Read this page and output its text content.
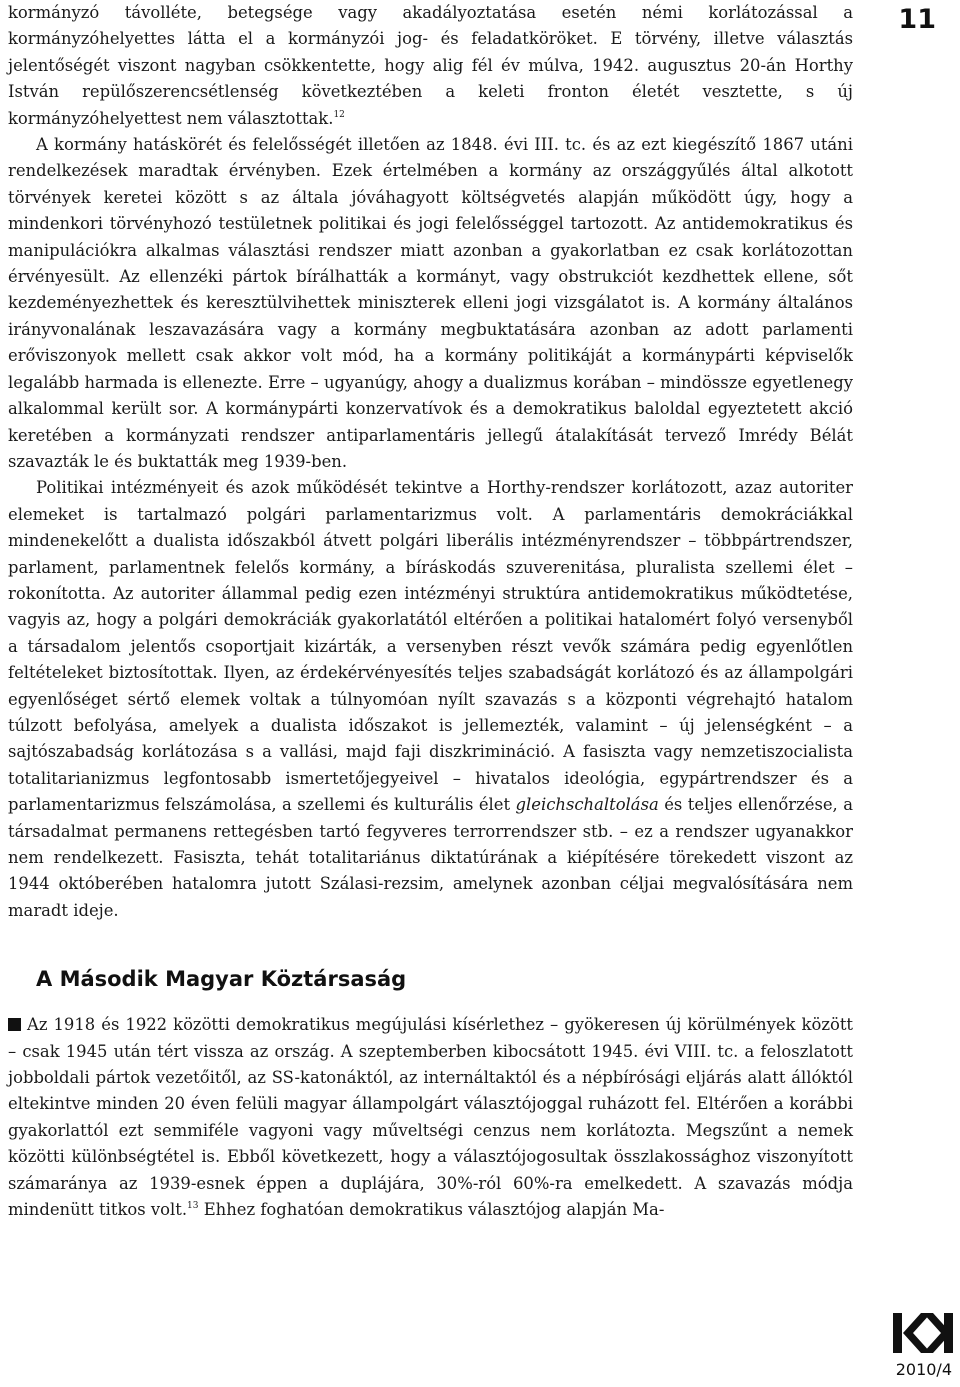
11

kormányzó távolléte, betegsége vagy akadályoztatása esetén némi korlátozással a kormányzóhelyettes látta el a kormányzói jog- és feladatköröket. E törvény, illetve választás jelentőségét viszont nagyban csökkentette, hogy alig fél év múlva, 1942. augusztus 20-án Horthy István repülőszerencsétlenség következtében a keleti fronton életét vesztette, s új kormányzóhelyettest nem választottak.$^{12}$

A kormány hatáskörét és felelősségét illetően az 1848. évi III. tc. és az ezt kiegészítő 1867 utáni rendelkezések maradtak érvényben. Ezek értelmében a kormány az országgyűlés által alkotott törvények keretei között s az általa jóváhagyott költségvetés alapján működött úgy, hogy a mindenkori törvényhozó testületnek politikai és jogi felelősséggel tartozott. Az antidemokratikus és manipulációkra alkalmas választási rendszer miatt azonban a gyakorlatban ez csak korlátozottan érvényesült. Az ellenzéki pártok bírálhatták a kormányt, vagy obstrukciót kezdhettek ellene, sőt kezdeményezhettek és keresztülvihettek miniszterek elleni jogi vizsgálatot is. A kormány általános irányvonalának leszavazására vagy a kormány megbuktatására azonban az adott parlamenti erőviszonyok mellett csak akkor volt mód, ha a kormány politikáját a kormánypárti képviselők legalább harmada is ellenezte. Erre – ugyanúgy, ahogy a dualizmus korában – mindössze egyetlenegy alkalommal került sor. A kormánypárti konzervatívok és a demokratikus baloldal egyeztetett akció keretében a kormányzati rendszer antiparlamentáris jellegű átalakítását tervező Imrédy Bélát szavazták le és buktatták meg 1939-ben.

Politikai intézményeit és azok működését tekintve a Horthy-rendszer korlátozott, azaz autoriter elemeket is tartalmazó polgári parlamentarizmus volt. A parlamentáris demokráciákkal mindenekelőtt a dualista időszakból átvett polgári liberális intézményrendszer – többpártrendszer, parlament, parlamentnek felelős kormány, a bíráskodás szuverenitása, pluralista szellemi élet – rokonította. Az autoriter állammal pedig ezen intézményi struktúra antidemokratikus működtetése, vagyis az, hogy a polgári demokráciák gyakorlatától eltérően a politikai hatalomért folyó versenyből a társadalom jelentős csoportjait kizárták, a versenyben részt vevők számára pedig egyenlőtlen feltételeket biztosítottak. Ilyen, az érdekérvényesítés teljes szabadságát korlátozó és az állampolgári egyenlőséget sértő elemek voltak a túlnyomóan nyílt szavazás s a központi végrehajtó hatalom túlzott befolyása, amelyek a dualista időszakot is jellemezték, valamint – új jelenségként – a sajtószabadság korlátozása s a vallási, majd faji diszkrimináció. A fasiszta vagy nemzetiszocialista totalitarianizmus legfontosabb ismertetőjegyeivel – hivatalos ideológia, egypártrendszer és a parlamentarizmus felszámolása, a szellemi és kulturális élet gleichschaltolása és teljes ellenőrzése, a társadalmat permanens rettegésben tartó fegyveres terrorrendszer stb. – ez a rendszer ugyanakkor nem rendelkezett. Fasiszta, tehát totalitariánus diktatúrának a kiépítésére törekedett viszont az 1944 októberében hatalomra jutott Szálasi-rezsim, amelynek azonban céljai megvalósítására nem maradt ideje.

A Második Magyar Köztársaság

Az 1918 és 1922 közötti demokratikus megújulási kísérlethez – gyökeresen új körülmények között – csak 1945 után tért vissza az ország. A szeptemberben kibocsátott 1945. évi VIII. tc. a feloszlatott jobboldali pártok vezetőitől, az SS-katonáktól, az internáltaktól és a népbírósági eljárás alatt állóktól eltekintve minden 20 éven felüli magyar állampolgárt választójoggal ruházott fel. Eltérően a korábbi gyakorlattól ezt semmiféle vagyoni vagy műveltségi cenzus nem korlátozta. Megszűnt a nemek közötti különbségtétel is. Ebből következett, hogy a választójogosultak összlakossághoz viszonyított számaránya az 1939-esnek éppen a duplájára, 30%-ról 60%-ra emelkedett. A szavazás módja mindenütt titkos volt.$^{13}$ Ehhez foghatóan demokratikus választójog alapján Ma-

2010/4
